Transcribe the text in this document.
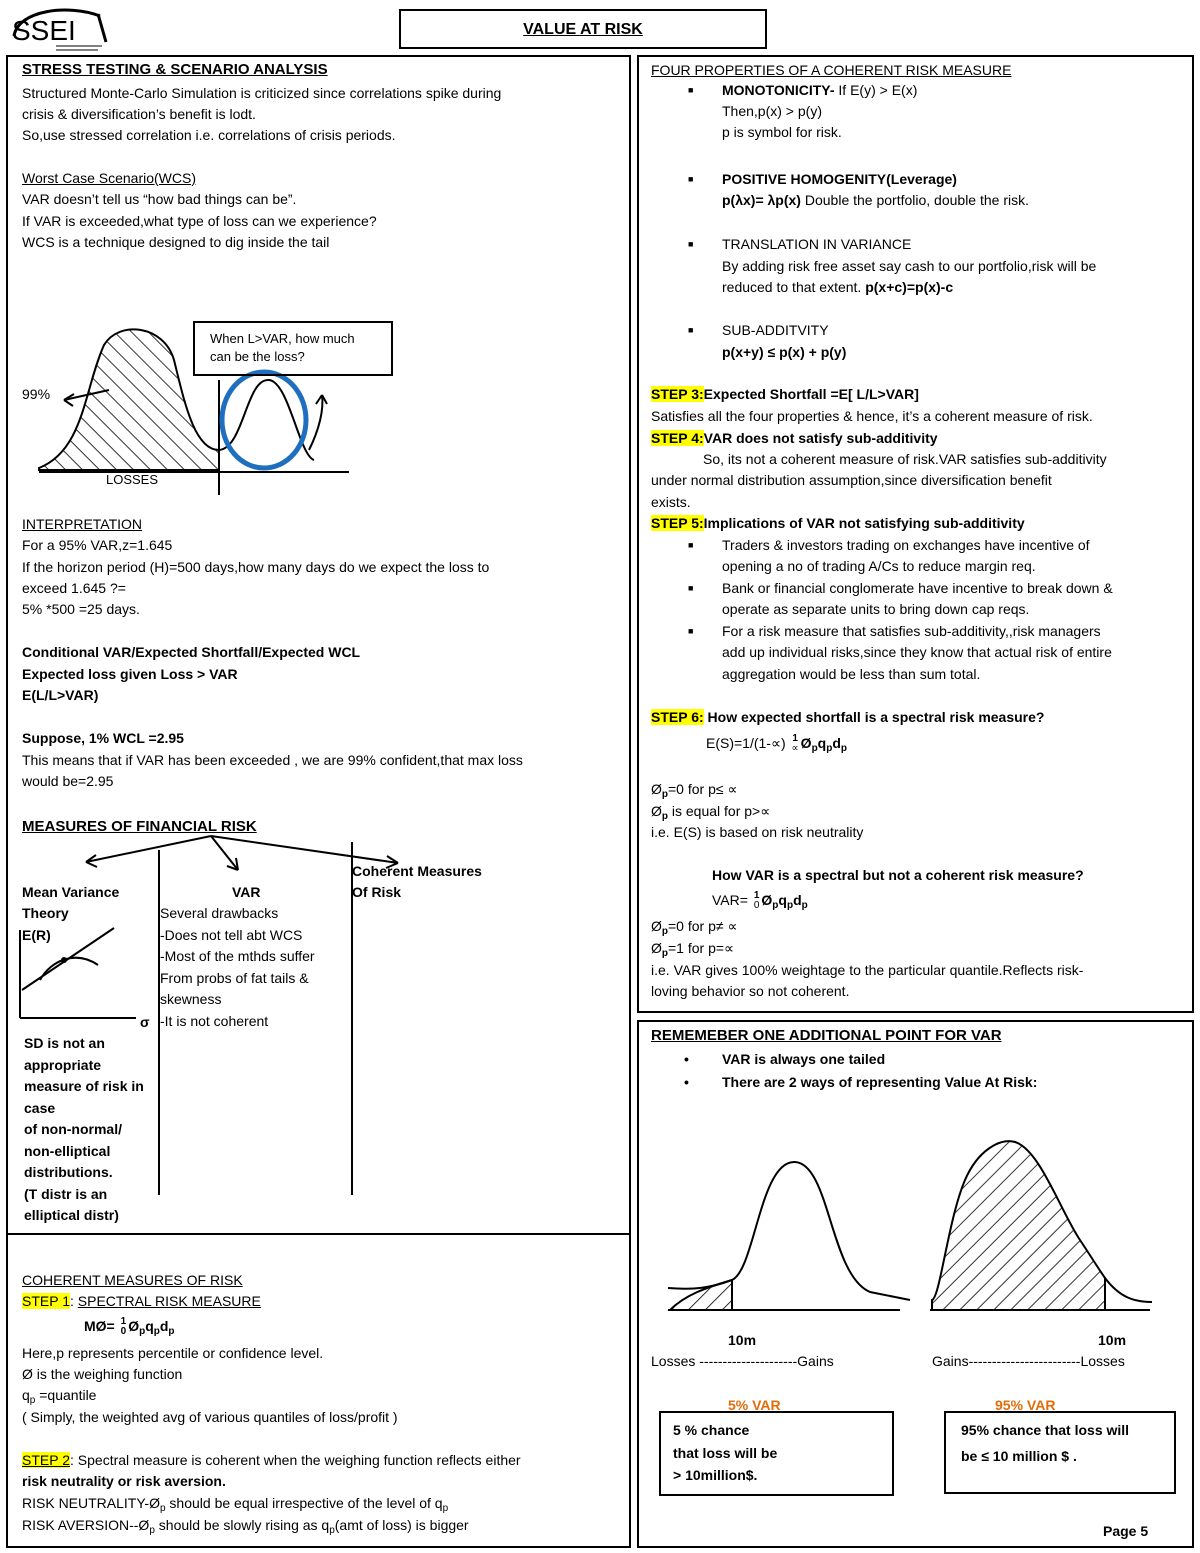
SSEI	VALUE AT RISK
STRESS TESTING & SCENARIO ANALYSIS
Structured Monte-Carlo Simulation is criticized since correlations spike during
crisis & diversification’s benefit is lodt.
So,use stressed correlation i.e. correlations of crisis periods.
Worst Case Scenario(WCS)
VAR doesn’t tell us “how bad things can be”.
If VAR is exceeded,what type of loss can we experience?
WCS is a technique designed to dig inside the tail
When L>VAR, how much
can be the loss?
99%
LOSSES
INTERPRETATION
For a 95% VAR,z=1.645
If the horizon period (H)=500 days,how many days do we expect the loss to
exceed 1.645 ?=
5% *500 =25 days.
Conditional VAR/Expected Shortfall/Expected WCL
Expected loss given Loss > VAR
E(L/L>VAR)
Suppose, 1% WCL =2.95
This means that if VAR has been exceeded , we are 99% confident,that max loss
would be=2.95
MEASURES OF FINANCIAL RISK
Mean Variance
Theory
E(R)
σ
SD is not an
appropriate
measure of risk in
case
of non-normal/
non-elliptical
distributions.
(T distr is an
elliptical distr)
VAR
Several drawbacks
-Does not tell abt WCS
-Most of the mthds suffer
From probs of fat tails &
skewness
-It is not coherent
Coherent Measures
Of Risk
COHERENT MEASURES OF RISK
STEP 1: SPECTRAL RISK MEASURE
MØ= 1
0 $Ø_pq_pd_p$
Here,p represents percentile or confidence level.
Ø is the weighing function
$q_p$ =quantile
( Simply, the weighted avg of various quantiles of loss/profit )
STEP 2: Spectral measure is coherent when the weighing function reflects either
risk neutrality or risk aversion.
RISK NEUTRALITY-$Ø_p$ should be equal irrespective of the level of $q_p$
RISK AVERSION-$-Ø_p$ should be slowly rising as $q_p(amt$ of loss) is bigger
FOUR PROPERTIES OF A COHERENT RISK MEASURE
■ MONOTONICITY- If E(y) > E(x)
Then,p(x) > p(y)
p is symbol for risk.
■ POSITIVE HOMOGENITY(Leverage)
p(λx)= λp(x) Double the portfolio, double the risk.
■ TRANSLATION IN VARIANCE
By adding risk free asset say cash to our portfolio,risk will be
reduced to that extent. p(x+c)=p(x)-c
■ SUB-ADDITVITY
p(x+y) ≤ p(x) + p(y)
STEP 3:Expected Shortfall =E[ L/L>VAR]
Satisfies all the four properties & hence, it’s a coherent measure of risk.
STEP 4:VAR does not satisfy sub-additivity
So, its not a coherent measure of risk.VAR satisfies sub-additivity
under normal distribution assumption,since diversification benefit
exists.
STEP 5:Implications of VAR not satisfying sub-additivity
■ Traders & investors trading on exchanges have incentive of
opening a no of trading A/Cs to reduce margin req.
■ Bank or financial conglomerate have incentive to break down &
operate as separate units to bring down cap reqs.
■ For a risk measure that satisfies sub-additivity,,risk managers
add up individual risks,since they know that actual risk of entire
aggregation would be less than sum total.
STEP 6: How expected shortfall is a spectral risk measure?
E(S)=1/(1-∝) 1
∝ $Ø_pq_pd_p$
$Ø_p=0$ for p≤ ∝
$Ø_p$ is equal for p>∝
i.e. E(S) is based on risk neutrality
How VAR is a spectral but not a coherent risk measure?
VAR= 1
0 $Ø_pq_pd_p$
$Ø_p=0$ for p≠ ∝
$Ø_p=1$ for p=∝
i.e. VAR gives 100% weightage to the particular quantile.Reflects risk-
loving behavior so not coherent.
REMEMEBER ONE ADDITIONAL POINT FOR VAR
• VAR is always one tailed
• There are 2 ways of representing Value At Risk:
10m
Losses ---------------------Gains
5% VAR
5 % chance
that loss will be
> 10million$.
10m
Gains------------------------Losses
95% VAR
95% chance that loss will
be ≤ 10 million $ .
Page 5
